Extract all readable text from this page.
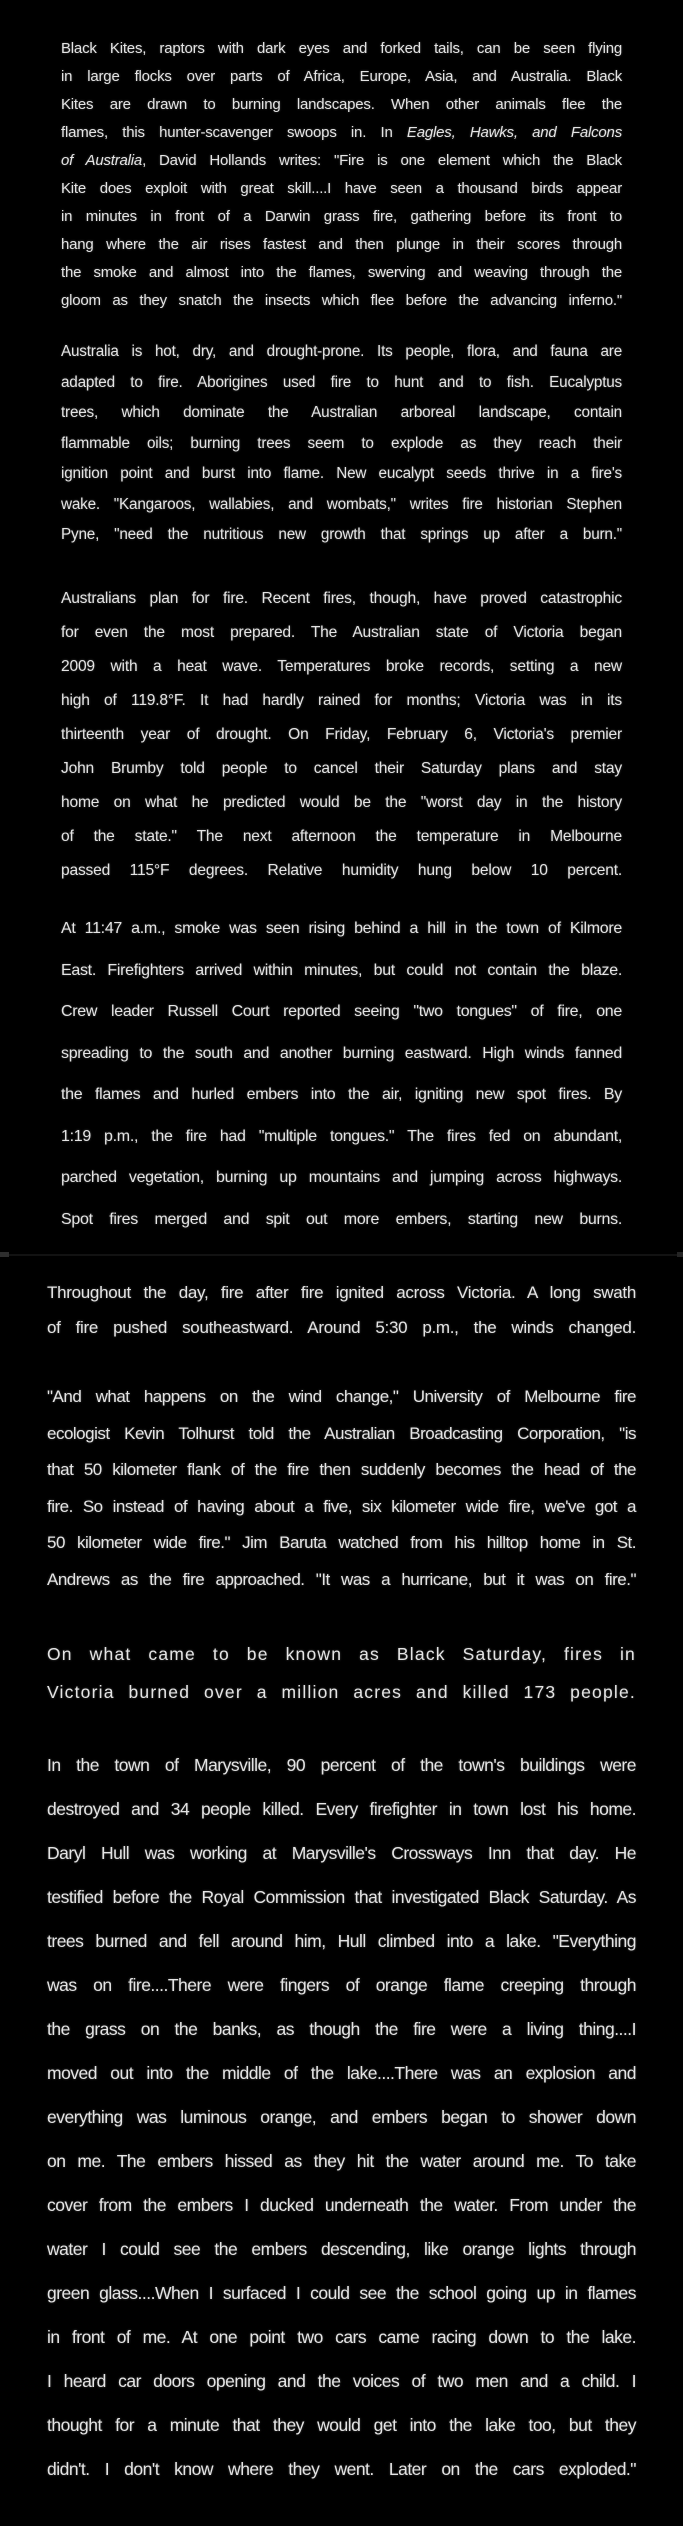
Black Kites, raptors with dark eyes and forked tails, can be seen flying
in large flocks over parts of Africa, Europe, Asia, and Australia. Black
Kites are drawn to burning landscapes. When other animals flee the
flames, this hunter-scavenger swoops in. In Eagles, Hawks, and Falcons
of Australia, David Hollands writes: "Fire is one element which the Black
Kite does exploit with great skill....I have seen a thousand birds appear
in minutes in front of a Darwin grass fire, gathering before its front to
hang where the air rises fastest and then plunge in their scores through
the smoke and almost into the flames, swerving and weaving through the
gloom as they snatch the insects which flee before the advancing inferno."
Australia is hot, dry, and drought-prone. Its people, flora, and fauna are
adapted to fire. Aborigines used fire to hunt and to fish. Eucalyptus
trees, which dominate the Australian arboreal landscape, contain
flammable oils; burning trees seem to explode as they reach their
ignition point and burst into flame. New eucalypt seeds thrive in a fire's
wake. "Kangaroos, wallabies, and wombats," writes fire historian Stephen
Pyne, "need the nutritious new growth that springs up after a burn."
Australians plan for fire. Recent fires, though, have proved catastrophic
for even the most prepared. The Australian state of Victoria began
2009 with a heat wave. Temperatures broke records, setting a new
high of 119.8°F. It had hardly rained for months; Victoria was in its
thirteenth year of drought. On Friday, February 6, Victoria's premier
John Brumby told people to cancel their Saturday plans and stay
home on what he predicted would be the "worst day in the history
of the state." The next afternoon the temperature in Melbourne
passed 115°F degrees. Relative humidity hung below 10 percent.
At 11:47 a.m., smoke was seen rising behind a hill in the town of Kilmore
East. Firefighters arrived within minutes, but could not contain the blaze.
Crew leader Russell Court reported seeing "two tongues" of fire, one
spreading to the south and another burning eastward. High winds fanned
the flames and hurled embers into the air, igniting new spot fires. By
1:19 p.m., the fire had "multiple tongues." The fires fed on abundant,
parched vegetation, burning up mountains and jumping across highways.
Spot fires merged and spit out more embers, starting new burns.
Throughout the day, fire after fire ignited across Victoria. A long swath
of fire pushed southeastward. Around 5:30 p.m., the winds changed.
"And what happens on the wind change," University of Melbourne fire
ecologist Kevin Tolhurst told the Australian Broadcasting Corporation, "is
that 50 kilometer flank of the fire then suddenly becomes the head of the
fire. So instead of having about a five, six kilometer wide fire, we've got a
50 kilometer wide fire." Jim Baruta watched from his hilltop home in St.
Andrews as the fire approached. "It was a hurricane, but it was on fire."
On what came to be known as Black Saturday, fires in
Victoria burned over a million acres and killed 173 people.
In the town of Marysville, 90 percent of the town's buildings were
destroyed and 34 people killed. Every firefighter in town lost his home.
Daryl Hull was working at Marysville's Crossways Inn that day. He
testified before the Royal Commission that investigated Black Saturday. As
trees burned and fell around him, Hull climbed into a lake. "Everything
was on fire....There were fingers of orange flame creeping through
the grass on the banks, as though the fire were a living thing....I
moved out into the middle of the lake....There was an explosion and
everything was luminous orange, and embers began to shower down
on me. The embers hissed as they hit the water around me. To take
cover from the embers I ducked underneath the water. From under the
water I could see the embers descending, like orange lights through
green glass....When I surfaced I could see the school going up in flames
in front of me. At one point two cars came racing down to the lake.
I heard car doors opening and the voices of two men and a child. I
thought for a minute that they would get into the lake too, but they
didn't. I don't know where they went. Later on the cars exploded."
